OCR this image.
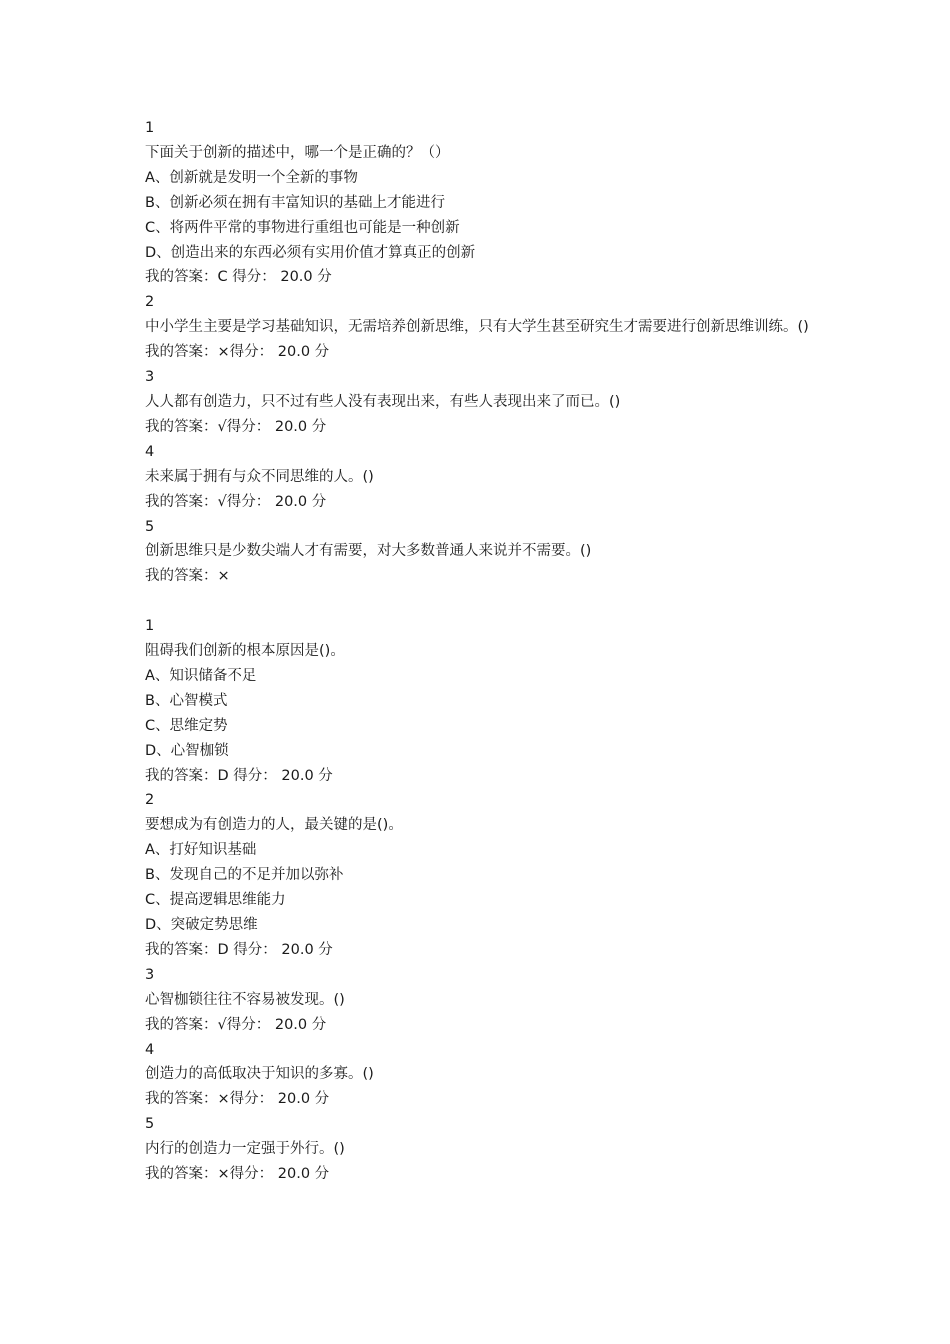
1
下面关于创新的描述中，哪一个是正确的？（）
A、创新就是发明一个全新的事物
B、创新必须在拥有丰富知识的基础上才能进行
C、将两件平常的事物进行重组也可能是一种创新
D、创造出来的东西必须有实用价值才算真正的创新
我的答案：C 得分： 20.0 分
2
中小学生主要是学习基础知识，无需培养创新思维，只有大学生甚至研究生才需要进行创新思维训练。()
我的答案：×得分： 20.0 分
3
人人都有创造力，只不过有些人没有表现出来，有些人表现出来了而已。()
我的答案：√得分： 20.0 分
4
未来属于拥有与众不同思维的人。()
我的答案：√得分： 20.0 分
5
创新思维只是少数尖端人才有需要，对大多数普通人来说并不需要。()
我的答案：×
1
阻碍我们创新的根本原因是()。
A、知识储备不足
B、心智模式
C、思维定势
D、心智枷锁
我的答案：D 得分： 20.0 分
2
要想成为有创造力的人，最关键的是()。
A、打好知识基础
B、发现自己的不足并加以弥补
C、提高逻辑思维能力
D、突破定势思维
我的答案：D 得分： 20.0 分
3
心智枷锁往往不容易被发现。()
我的答案：√得分： 20.0 分
4
创造力的高低取决于知识的多寡。()
我的答案：×得分： 20.0 分
5
内行的创造力一定强于外行。()
我的答案：×得分： 20.0 分
